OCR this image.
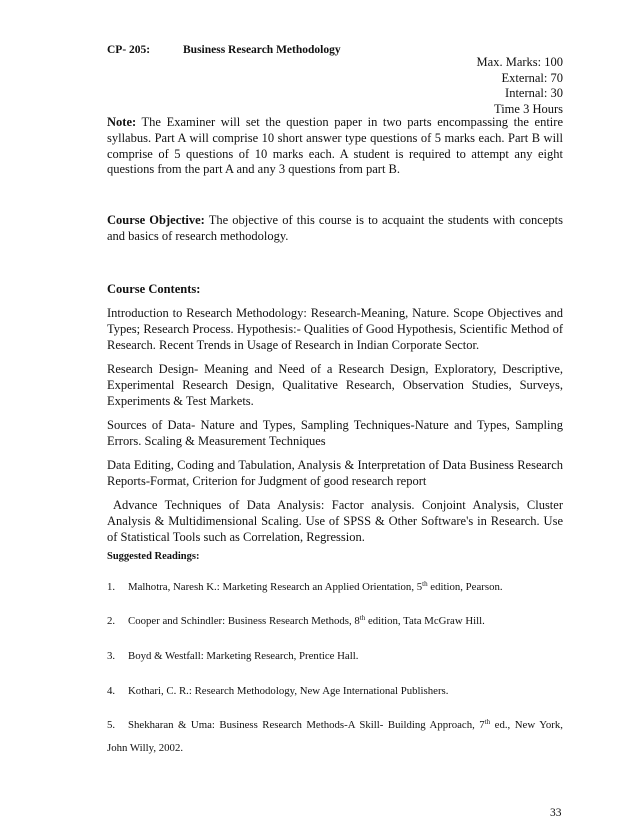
CP- 205:	Business Research Methodology
Max. Marks: 100
External: 70
Internal: 30
Time 3 Hours
Note: The Examiner will set the question paper in two parts encompassing the entire syllabus. Part A will comprise 10 short answer type questions of 5 marks each. Part B will comprise of 5 questions of 10 marks each. A student is required to attempt any eight questions from the part A and any 3 questions from part B.
Course Objective: The objective of this course is to acquaint the students with concepts and basics of research methodology.
Course Contents:
Introduction to Research Methodology: Research-Meaning, Nature. Scope Objectives and Types; Research Process. Hypothesis:- Qualities of Good Hypothesis, Scientific Method of Research. Recent Trends in Usage of Research in Indian Corporate Sector.
Research Design- Meaning and Need of a Research Design, Exploratory, Descriptive, Experimental Research Design, Qualitative Research, Observation Studies, Surveys, Experiments & Test Markets.
Sources of Data- Nature and Types, Sampling Techniques-Nature and Types, Sampling Errors. Scaling & Measurement Techniques
Data Editing, Coding and Tabulation, Analysis & Interpretation of Data Business Research Reports-Format, Criterion for Judgment of good research report
Advance Techniques of Data Analysis: Factor analysis. Conjoint Analysis, Cluster Analysis & Multidimensional Scaling. Use of SPSS & Other Software's in Research. Use of Statistical Tools such as Correlation, Regression.
Suggested Readings:
1. Malhotra, Naresh K.: Marketing Research an Applied Orientation, 5th edition, Pearson.
2. Cooper and Schindler: Business Research Methods, 8th edition, Tata McGraw Hill.
3. Boyd & Westfall: Marketing Research, Prentice Hall.
4. Kothari, C. R.: Research Methodology, New Age International Publishers.
5. Shekharan & Uma: Business Research Methods-A Skill- Building Approach, 7th ed., New York, John Willy, 2002.
33
